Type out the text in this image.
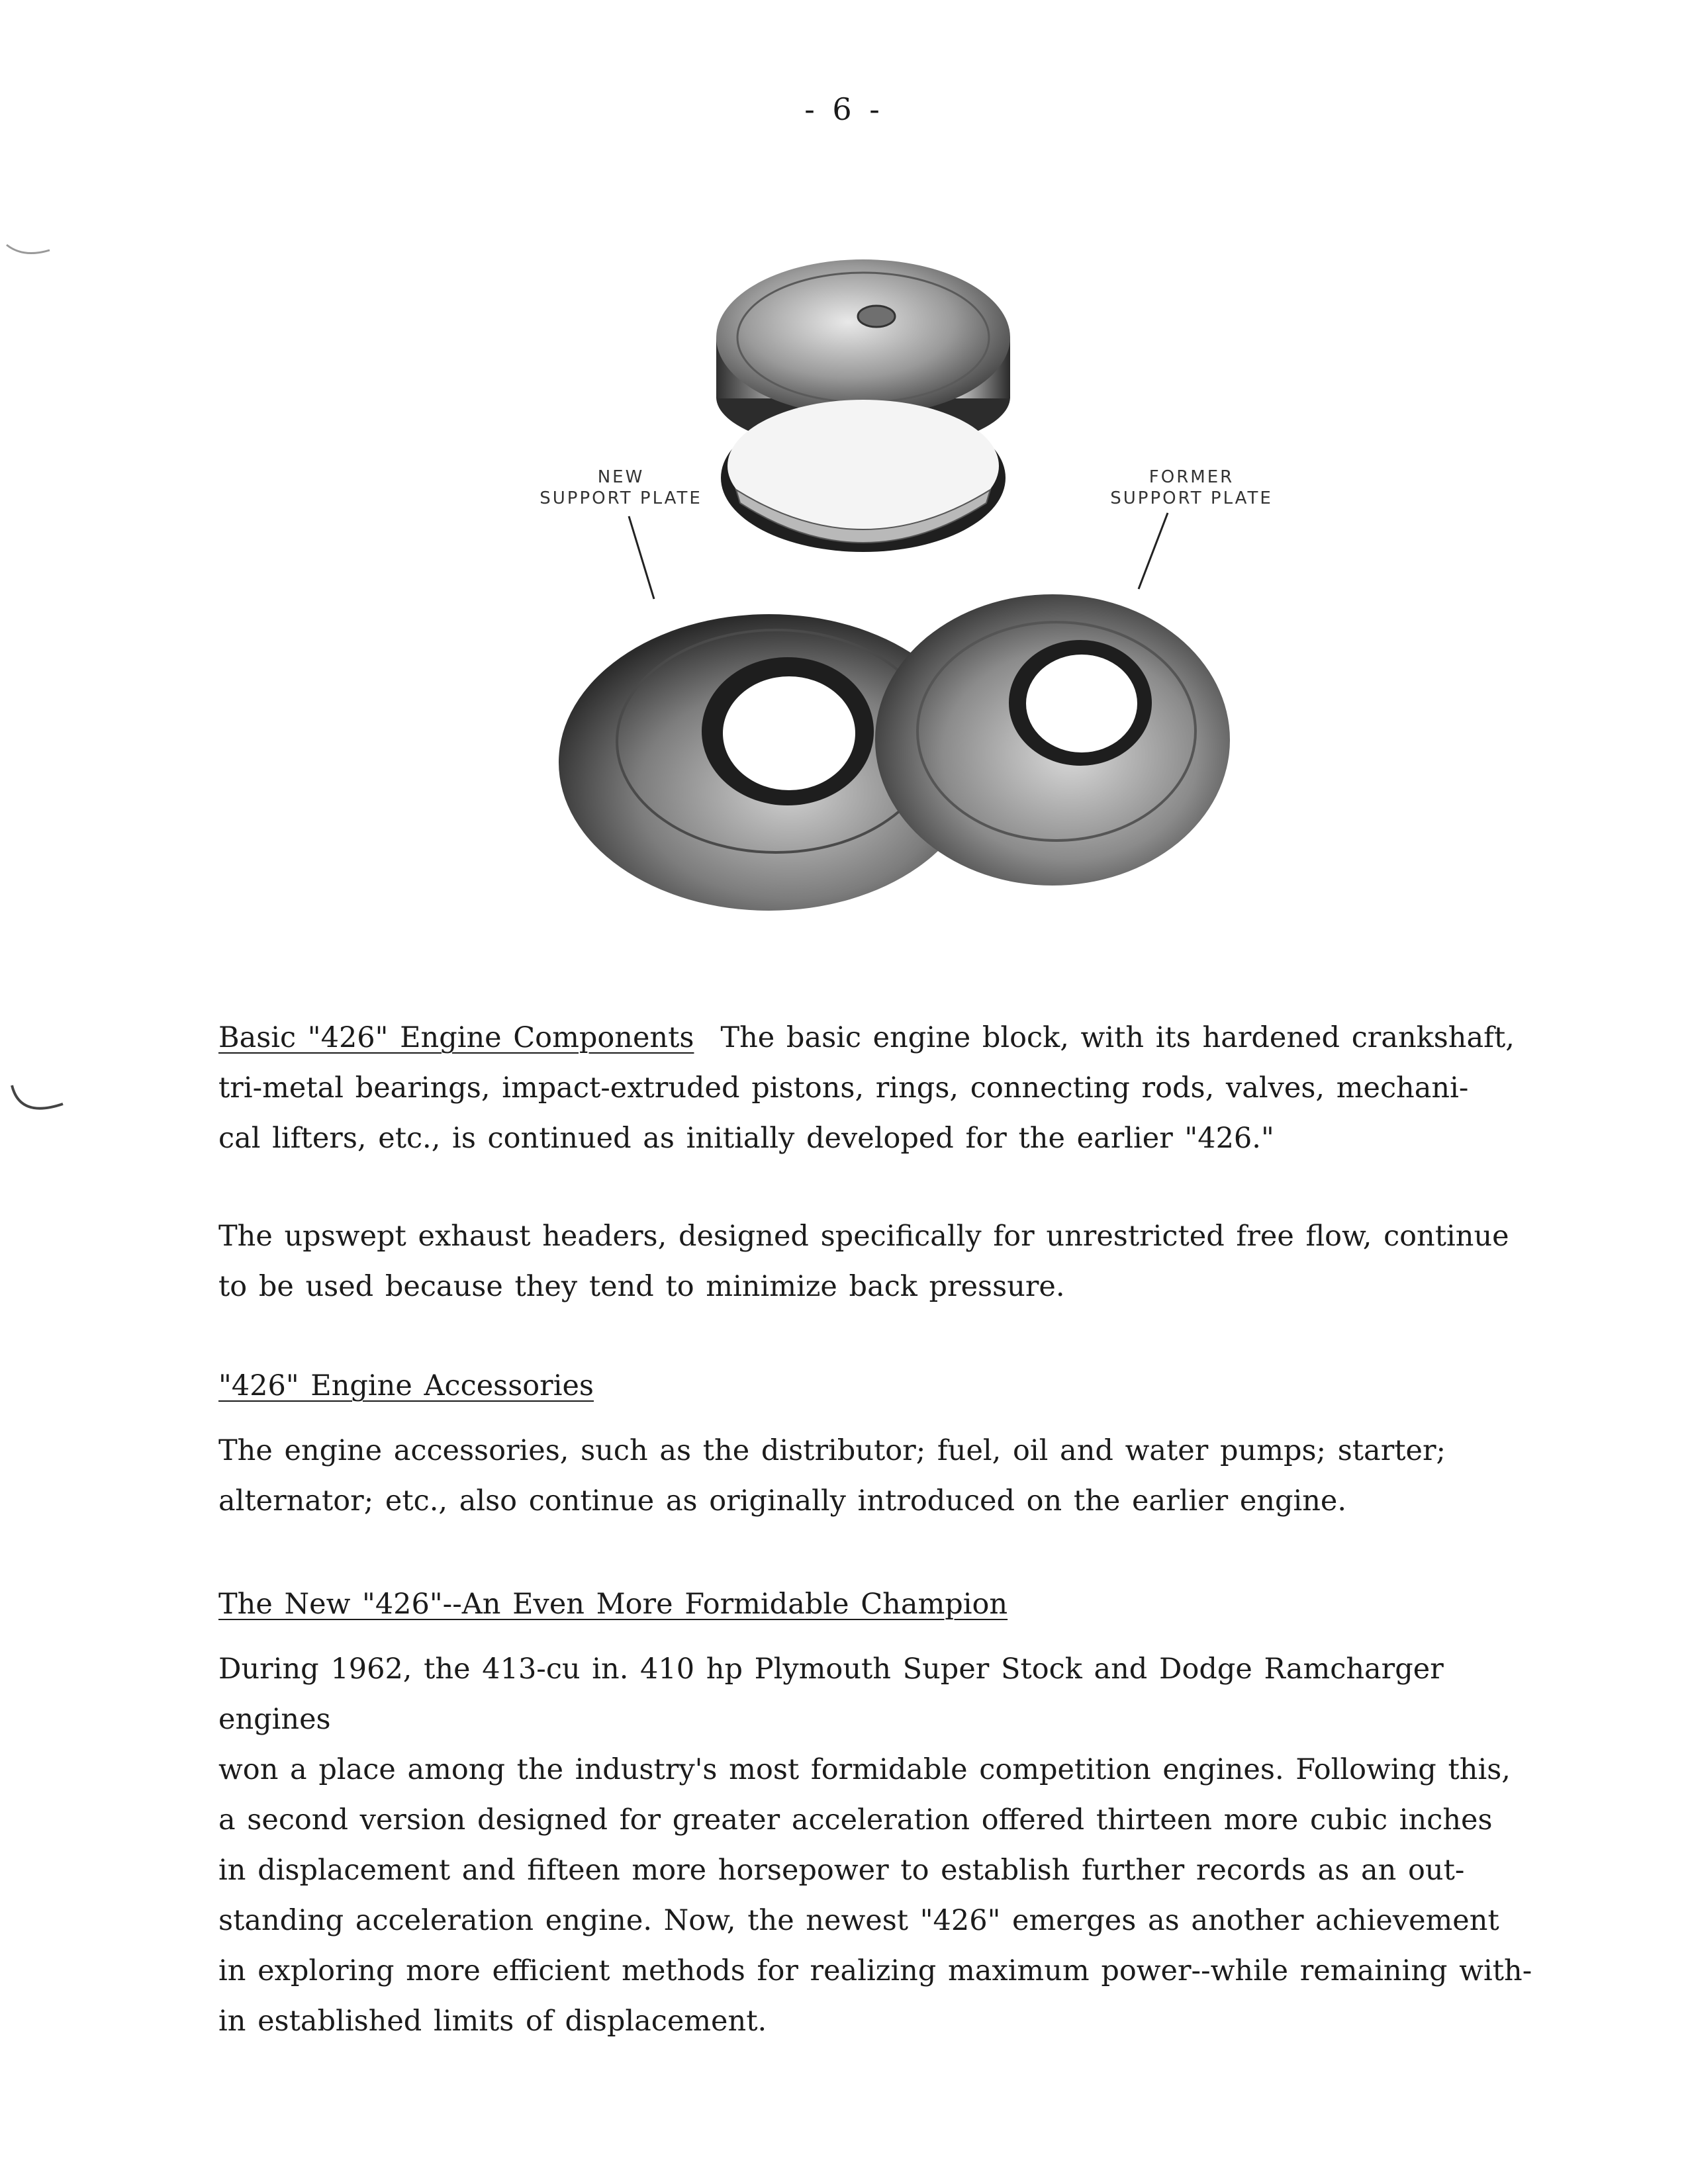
- 6 -
NEW
SUPPORT PLATE
FORMER
SUPPORT PLATE
Basic "426" Engine Components The basic engine block, with its hardened crankshaft,
tri-metal bearings, impact-extruded pistons, rings, connecting rods, valves, mechani-
cal lifters, etc., is continued as initially developed for the earlier "426."
The upswept exhaust headers, designed specifically for unrestricted free flow, continue
to be used because they tend to minimize back pressure.
"426" Engine Accessories
The engine accessories, such as the distributor; fuel, oil and water pumps; starter;
alternator; etc., also continue as originally introduced on the earlier engine.
The New "426"--An Even More Formidable Champion
During 1962, the 413-cu in. 410 hp Plymouth Super Stock and Dodge Ramcharger engines
won a place among the industry's most formidable competition engines. Following this,
a second version designed for greater acceleration offered thirteen more cubic inches
in displacement and fifteen more horsepower to establish further records as an out-
standing acceleration engine. Now, the newest "426" emerges as another achievement
in exploring more efficient methods for realizing maximum power--while remaining with-
in established limits of displacement.
